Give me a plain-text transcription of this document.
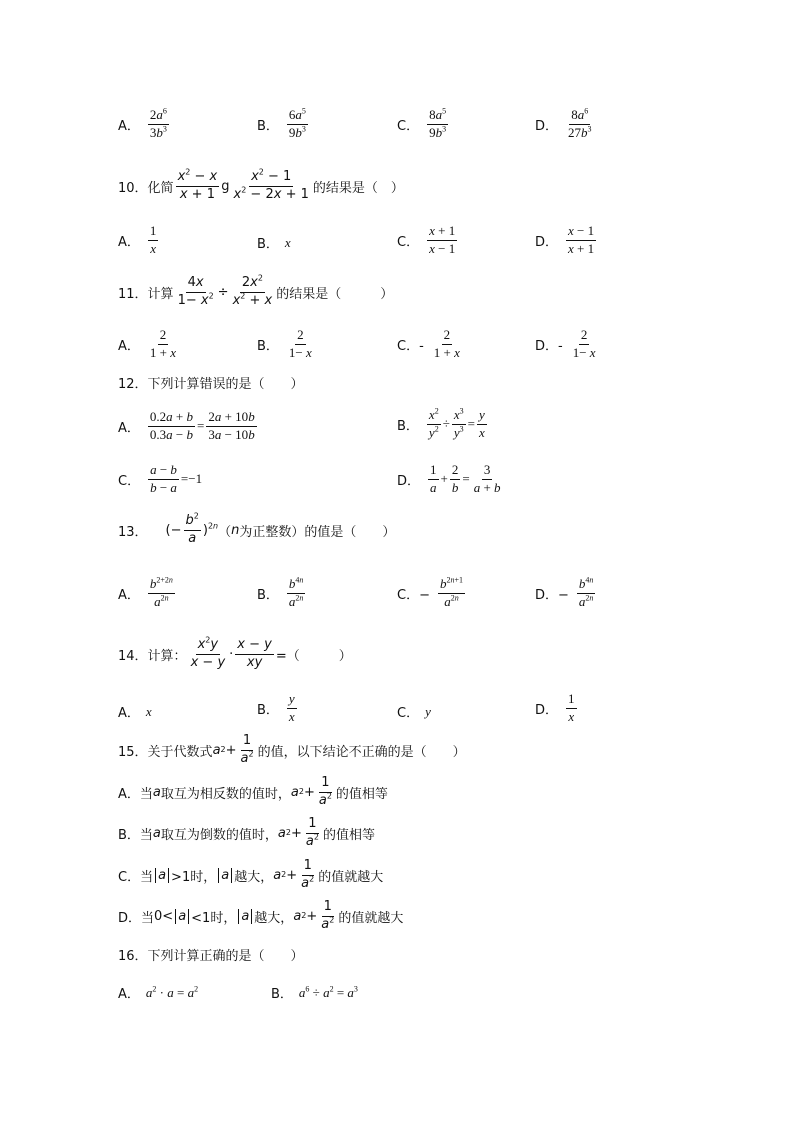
A． $\frac{2a^6}{3b^3}$	B． $\frac{6a^5}{9b^3}$	C． $\frac{8a^5}{9b^3}$	D． $\frac{8a^6}{27b^3}$
10． 化简 $\frac{x^2 - x}{x + 1}$ g $\frac{x^2 - 1}{x^2 - 2x + 1}$ 的结果是（　）
A． $\frac{1}{x}$	B． x	C． $\frac{x + 1}{x - 1}$	D． $\frac{x - 1}{x + 1}$
11． 计算 $\frac{4x}{1- x^2} \div \frac{2x^2}{x^2 + x}$ 的结果是（　　　）
A． $\frac{2}{1 + x}$	B． $\frac{2}{1- x}$	C．- $\frac{2}{1 + x}$	D．- $\frac{2}{1- x}$
12． 下列计算错误的是（　　）
A． $\frac{0.2a + b}{0.3a - b} = \frac{2a + 10b}{3a - 10b}$	B． $\frac{x^2}{y^2} \div \frac{x^3}{y^3} = \frac{y}{x}$
C． $\frac{a - b}{b - a} =-1$	D． $\frac{1}{a} + \frac{2}{b} = \frac{3}{a + b}$
13． (− $\frac{b^2}{a} )^{2n}$ （ n 为正整数）的值是（　　）
A． $\frac{b^{2+2n}}{a^{2n}}$	B． $\frac{b^{4n}}{a^{2n}}$	C．− $\frac{b^{2n+1}}{a^{2n}}$	D．− $\frac{b^{4n}}{a^{2n}}$
14． 计算： $\frac{x^2y}{x - y} \cdot \frac{x - y}{xy}$ =（　　　）
A． x	B． $\frac{y}{x}$	C． y	D． $\frac{1}{x}$
15． 关于代数式 a $2 + \frac{1}{a^2}$ 的值，以下结论不正确的是（　　）
A．当 a 取互为相反数的值时， a $2 + \frac{1}{a^2}$ 的值相等
B．当 a 取互为倒数的值时， a $2 + \frac{1}{a^2}$ 的值相等
C．当 a >1时， a 越大， a $2 + \frac{1}{a^2}$ 的值就越大
D．当 0< a <1时， a 越大， a $2 + \frac{1}{a^2}$ 的值就越大
16． 下列计算正确的是（　　）
A． $a^2 \cdot a = a^2$	B． $a^6 \div a^2 = a^3$
